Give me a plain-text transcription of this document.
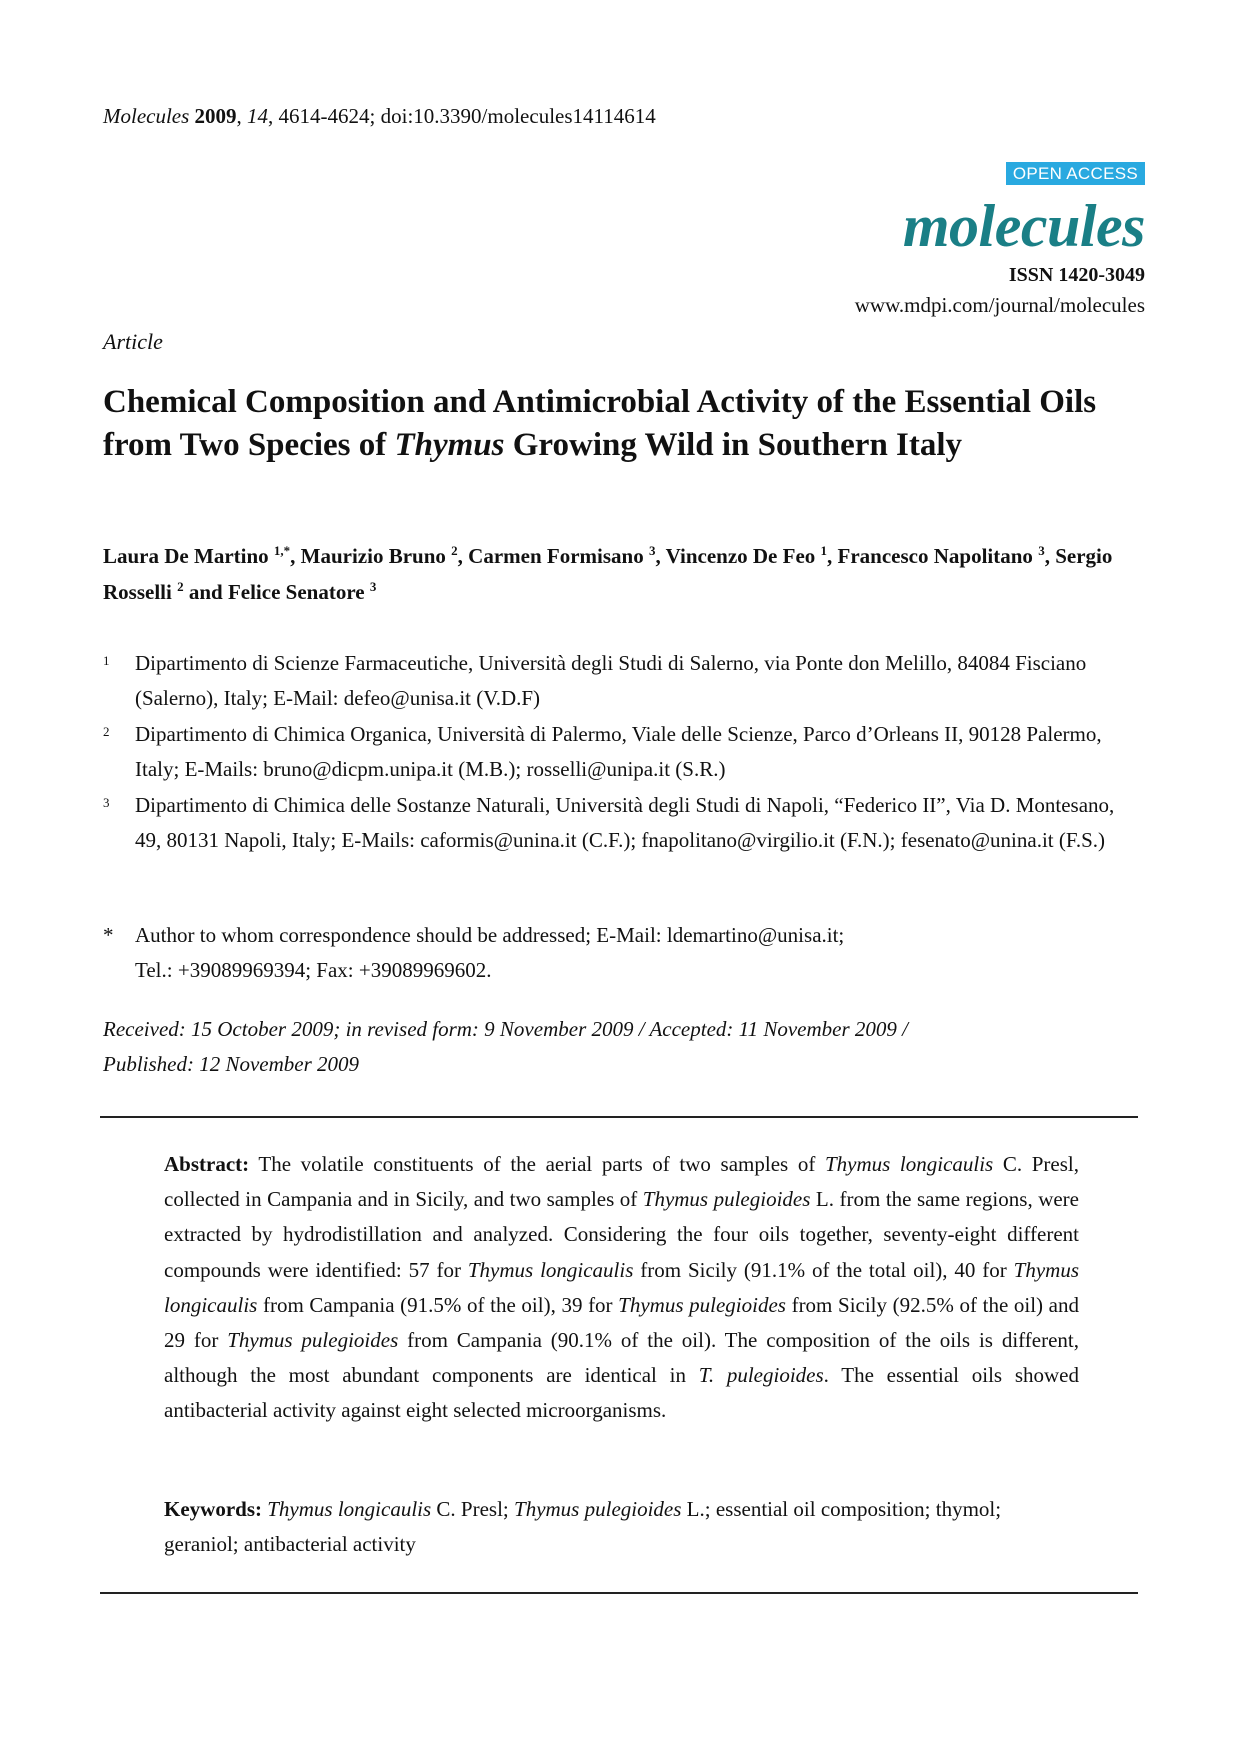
Molecules 2009, 14, 4614-4624; doi:10.3390/molecules14114614
OPEN ACCESS
molecules
ISSN 1420-3049
www.mdpi.com/journal/molecules
Article
Chemical Composition and Antimicrobial Activity of the Essential Oils from Two Species of Thymus Growing Wild in Southern Italy
Laura De Martino $^{1,*}$, Maurizio Bruno $^2$, Carmen Formisano $^3$, Vincenzo De Feo $^1$, Francesco Napolitano $^3$, Sergio Rosselli $^2$ and Felice Senatore $^3$
1 Dipartimento di Scienze Farmaceutiche, Università degli Studi di Salerno, via Ponte don Melillo, 84084 Fisciano (Salerno), Italy; E-Mail: defeo@unisa.it (V.D.F)
2 Dipartimento di Chimica Organica, Università di Palermo, Viale delle Scienze, Parco d’Orleans II, 90128 Palermo, Italy; E-Mails: bruno@dicpm.unipa.it (M.B.); rosselli@unipa.it (S.R.)
3 Dipartimento di Chimica delle Sostanze Naturali, Università degli Studi di Napoli, “Federico II”, Via D. Montesano, 49, 80131 Napoli, Italy; E-Mails: caformis@unina.it (C.F.); fnapolitano@virgilio.it (F.N.); fesenato@unina.it (F.S.)
* Author to whom correspondence should be addressed; E-Mail: ldemartino@unisa.it;
Tel.: +39089969394; Fax: +39089969602.
Received: 15 October 2009; in revised form: 9 November 2009 / Accepted: 11 November 2009 /
Published: 12 November 2009
Abstract: The volatile constituents of the aerial parts of two samples of Thymus longicaulis C. Presl, collected in Campania and in Sicily, and two samples of Thymus pulegioides L. from the same regions, were extracted by hydrodistillation and analyzed. Considering the four oils together, seventy-eight different compounds were identified: 57 for Thymus longicaulis from Sicily (91.1% of the total oil), 40 for Thymus longicaulis from Campania (91.5% of the oil), 39 for Thymus pulegioides from Sicily (92.5% of the oil) and 29 for Thymus pulegioides from Campania (90.1% of the oil). The composition of the oils is different, although the most abundant components are identical in T. pulegioides. The essential oils showed antibacterial activity against eight selected microorganisms.
Keywords: Thymus longicaulis C. Presl; Thymus pulegioides L.; essential oil composition; thymol; geraniol; antibacterial activity
